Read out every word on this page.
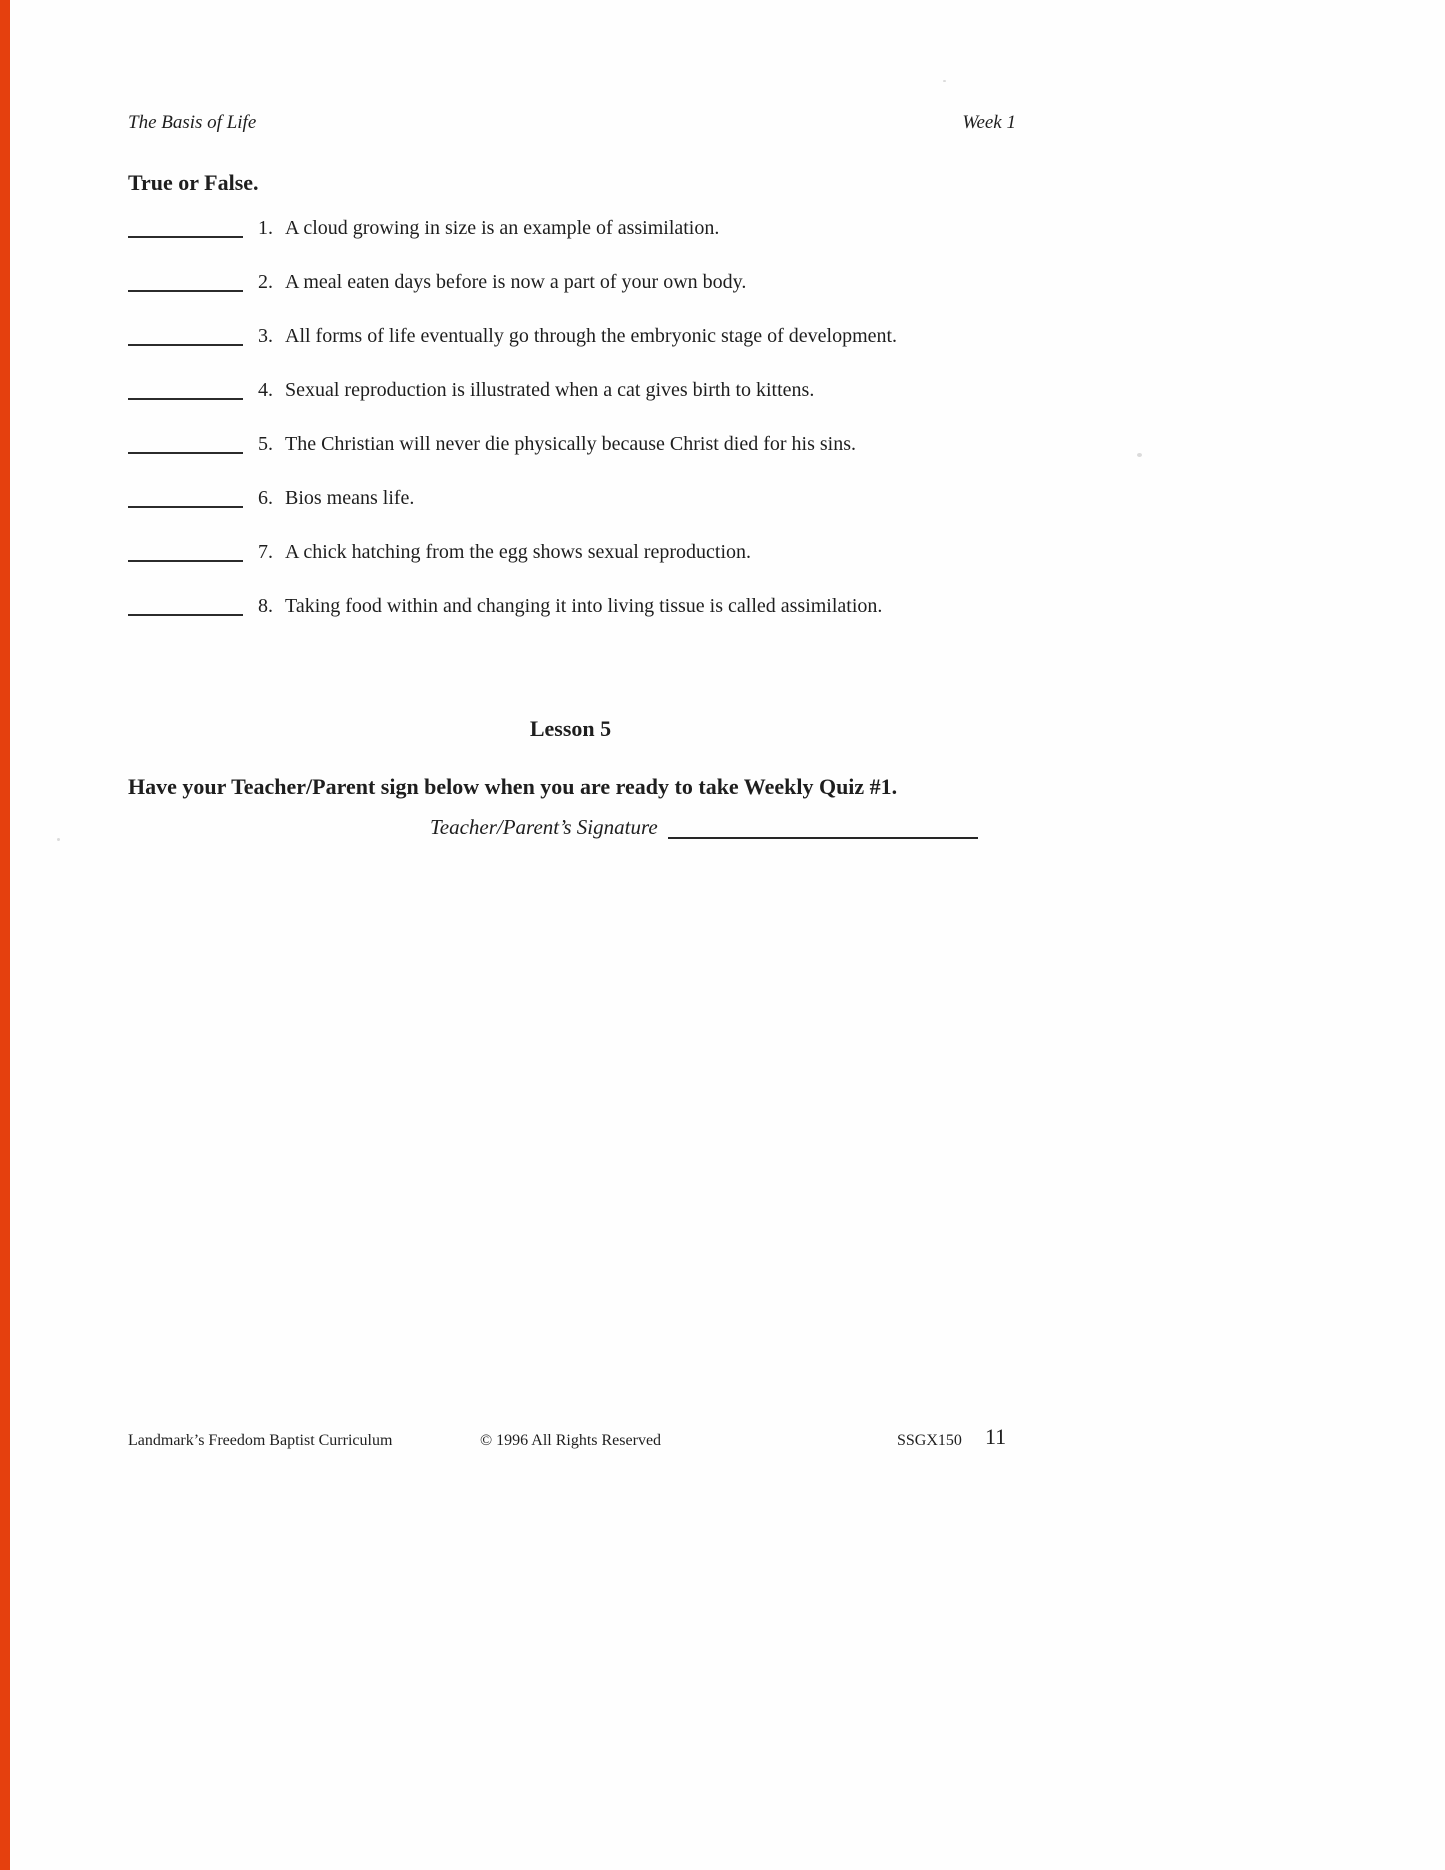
The Basis of Life	Week 1
True or False.
1. A cloud growing in size is an example of assimilation.
2. A meal eaten days before is now a part of your own body.
3. All forms of life eventually go through the embryonic stage of development.
4. Sexual reproduction is illustrated when a cat gives birth to kittens.
5. The Christian will never die physically because Christ died for his sins.
6. Bios means life.
7. A chick hatching from the egg shows sexual reproduction.
8. Taking food within and changing it into living tissue is called assimilation.
Lesson 5
Have your Teacher/Parent sign below when you are ready to take Weekly Quiz #1.
Teacher/Parent’s Signature
Landmark’s Freedom Baptist Curriculum	© 1996 All Rights Reserved	SSGX150 11
